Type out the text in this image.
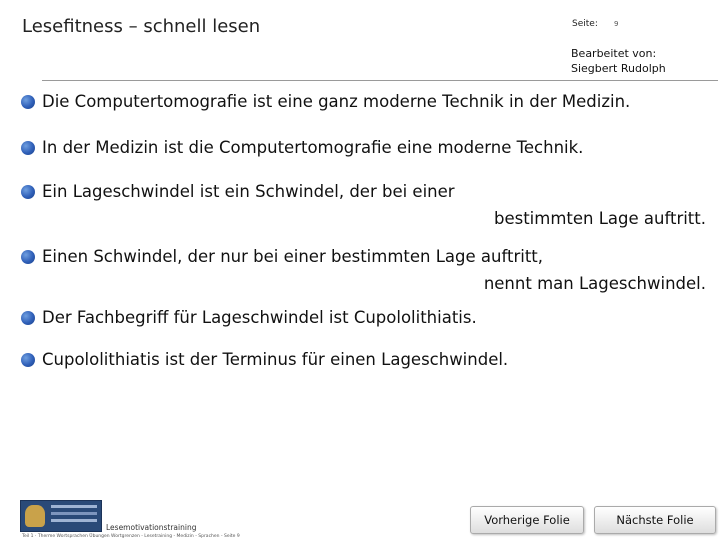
Lesefitness – schnell lesen	Seite: 9
Bearbeitet von:
Siegbert Rudolph
Die Computertomografie ist eine ganz moderne Technik in der Medizin.
In der Medizin ist die Computertomografie eine moderne Technik.
Ein Lageschwindel ist ein Schwindel, der bei einer
bestimmten Lage auftritt.
Einen Schwindel, der nur bei einer bestimmten Lage auftritt,
nennt man Lageschwindel.
Der Fachbegriff für Lageschwindel ist Cupololithiatis.
Cupololithiatis ist der Terminus für einen Lageschwindel.
Lesemotivationstraining
Teil 1 · Therme Wortsprachen Übungen Wortgrenzen - Lesetraining - Medizin - Sprachen - Seite 9
Vorherige Folie	Nächste Folie
